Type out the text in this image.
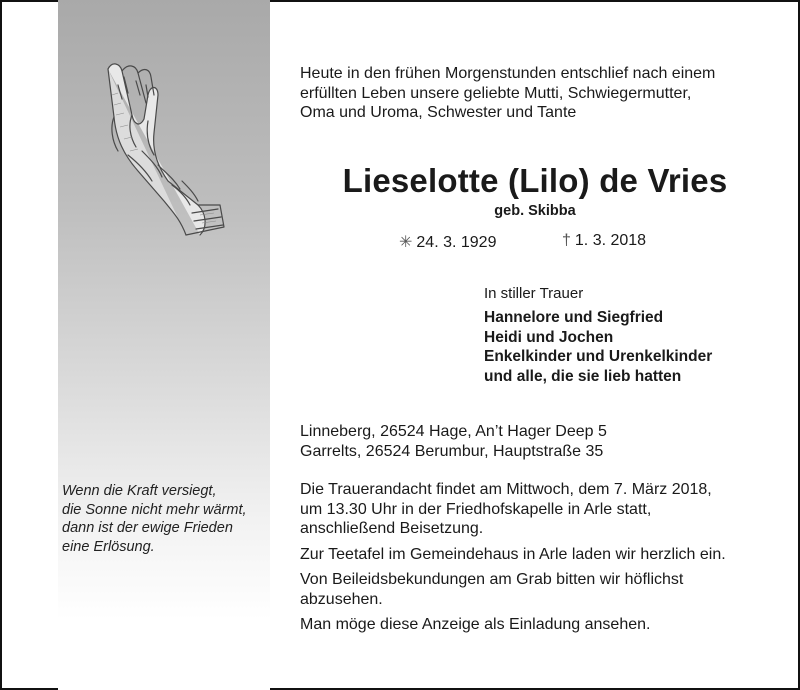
Wenn die Kraft versiegt,
die Sonne nicht mehr wärmt,
dann ist der ewige Frieden
eine Erlösung.
Heute in den frühen Morgenstunden entschlief nach einem
erfüllten Leben unsere geliebte Mutti, Schwiegermutter,
Oma und Uroma, Schwester und Tante
Lieselotte (Lilo) de Vries
geb. Skibba
✳ 24. 3. 1929	† 1. 3. 2018
In stiller Trauer
Hannelore und Siegfried
Heidi und Jochen
Enkelkinder und Urenkelkinder
und alle, die sie lieb hatten
Linneberg, 26524 Hage, An’t Hager Deep 5
Garrelts, 26524 Berumbur, Hauptstraße 35
Die Trauerandacht findet am Mittwoch, dem 7. März 2018,
um 13.30 Uhr in der Friedhofskapelle in Arle statt,
anschließend Beisetzung.
Zur Teetafel im Gemeindehaus in Arle laden wir herzlich ein.
Von Beileidsbekundungen am Grab bitten wir höflichst
abzusehen.
Man möge diese Anzeige als Einladung ansehen.
